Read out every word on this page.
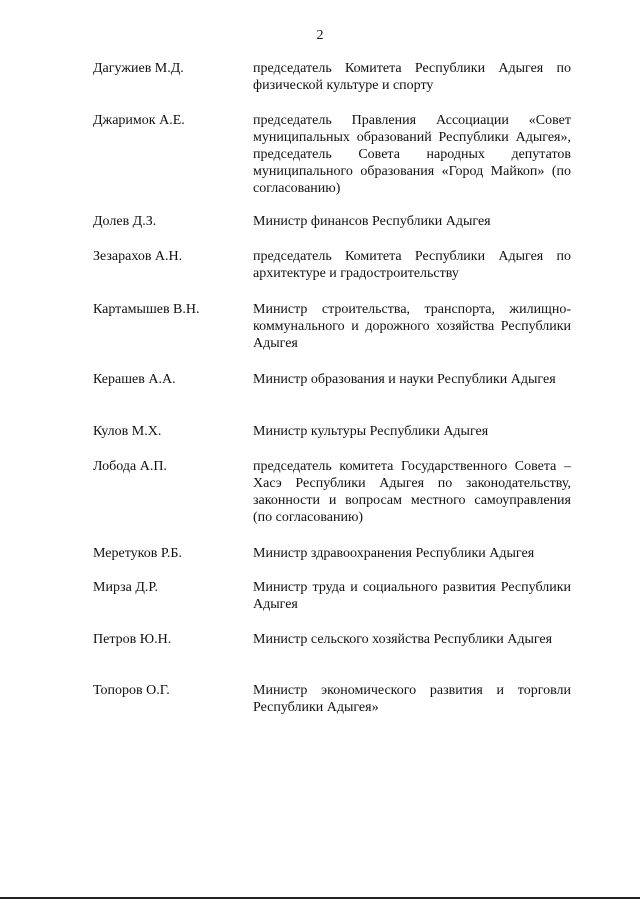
2
Дагужиев М.Д.	председатель Комитета Республики Адыгея по физической культуре и спорту
Джаримок А.Е.	председатель Правления Ассоциации «Совет муниципальных образований Республики Адыгея», председатель Совета народных депутатов муниципального образования «Город Майкоп» (по согласованию)
Долев Д.З.	Министр финансов Республики Адыгея
Зезарахов А.Н.	председатель Комитета Республики Адыгея по архитектуре и градостроительству
Картамышев В.Н.	Министр строительства, транспорта, жилищно-коммунального и дорожного хозяйства Республики Адыгея
Керашев А.А.	Министр образования и науки Республики Адыгея
Кулов М.Х.	Министр культуры Республики Адыгея
Лобода А.П.	председатель комитета Государственного Совета – Хасэ Республики Адыгея по законодательству, законности и вопросам местного самоуправления (по согласованию)
Меретуков Р.Б.	Министр здравоохранения Республики Адыгея
Мирза Д.Р.	Министр труда и социального развития Республики Адыгея
Петров Ю.Н.	Министр сельского хозяйства Республики Адыгея
Топоров О.Г.	Министр экономического развития и торговли Республики Адыгея»
